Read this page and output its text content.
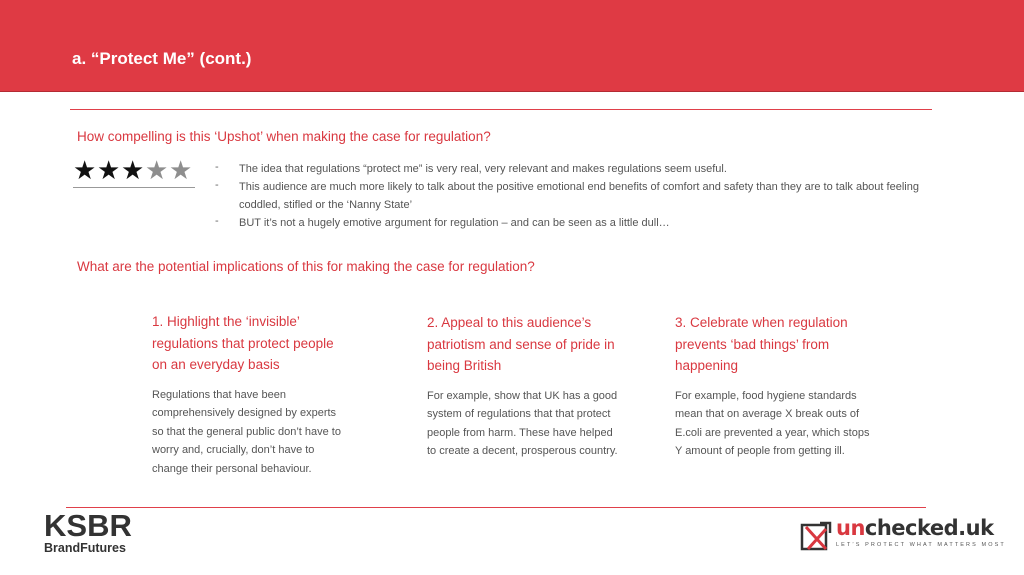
a. “Protect Me” (cont.)
How compelling is this ‘Upshot’ when making the case for regulation?
★ ★ ★ ★ ★ - The idea that regulations “protect me” is very real, very relevant and makes regulations seem useful.
- This audience are much more likely to talk about the positive emotional end benefits of comfort and safety than they are to talk about feeling coddled, stifled or the ‘Nanny State’
- BUT it’s not a hugely emotive argument for regulation – and can be seen as a little dull…
What are the potential implications of this for making the case for regulation?
1. Highlight the ‘invisible’ regulations that protect people on an everyday basis
Regulations that have been comprehensively designed by experts so that the general public don’t have to worry and, crucially, don’t have to change their personal behaviour.
2. Appeal to this audience’s patriotism and sense of pride in being British
For example, show that UK has a good system of regulations that that protect people from harm. These have helped to create a decent, prosperous country.
3. Celebrate when regulation prevents ‘bad things’ from happening
For example, food hygiene standards mean that on average X break outs of E.coli are prevented a year, which stops Y amount of people from getting ill.
KSBR
BrandFutures
unchecked.uk
LET’S PROTECT WHAT MATTERS MOST
